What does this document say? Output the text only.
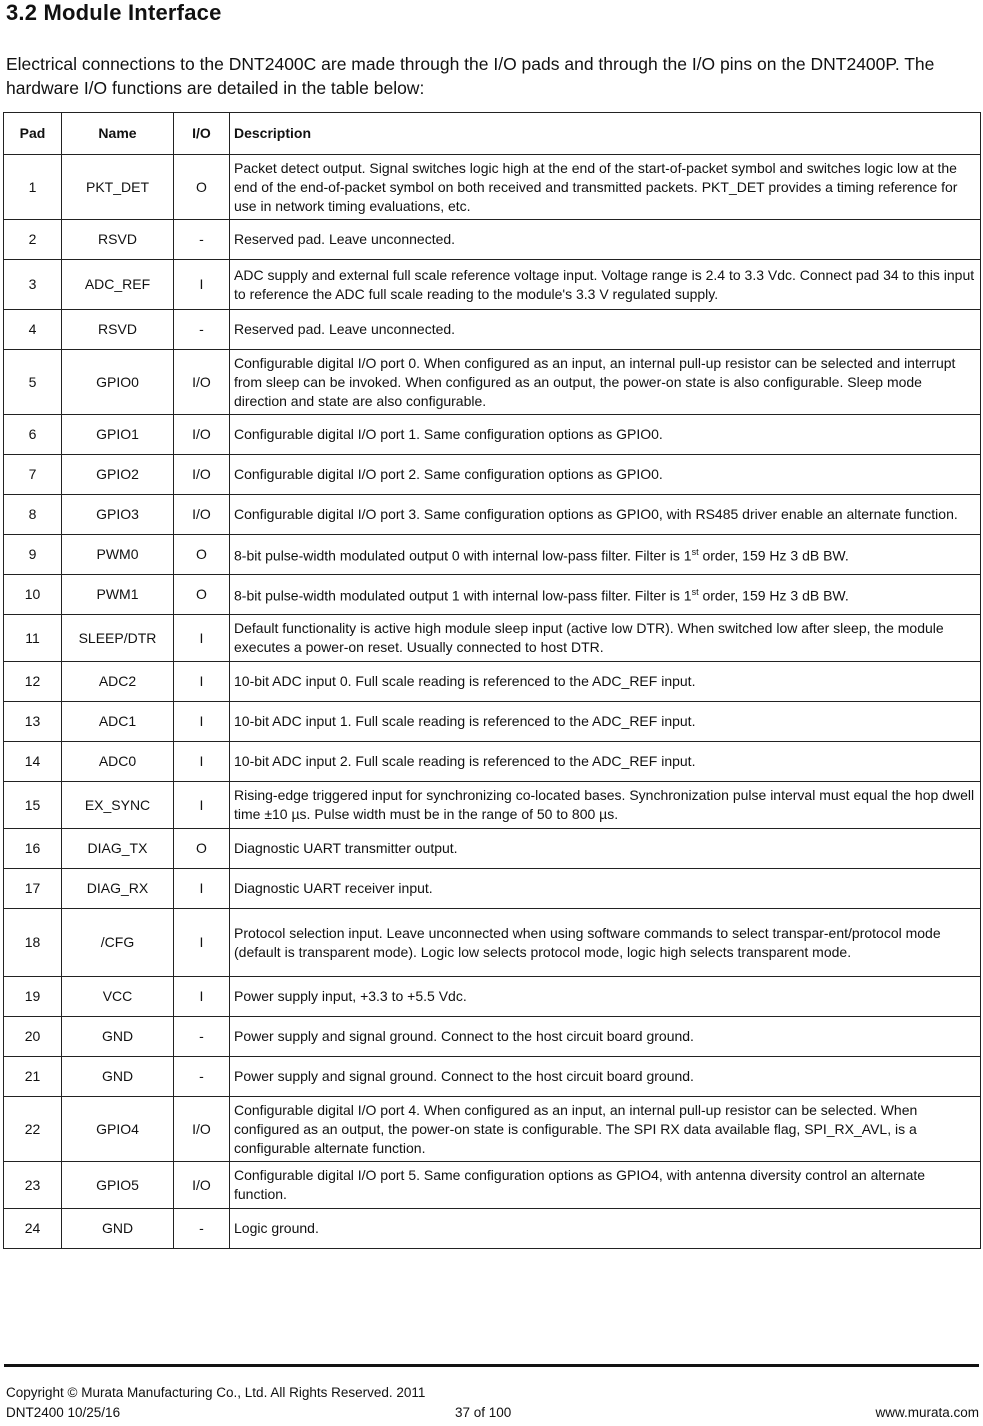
3.2 Module Interface
Electrical connections to the DNT2400C are made through the I/O pads and through the I/O pins on the DNT2400P. The hardware I/O functions are detailed in the table below:
Pad	Name	I/O	Description
1	PKT_DET	O	Packet detect output. Signal switches logic high at the end of the start-of-packet symbol and switches logic low at the end of the end-of-packet symbol on both received and transmitted packets. PKT_DET provides a timing reference for use in network timing evaluations, etc.
2	RSVD	-	Reserved pad. Leave unconnected.
3	ADC_REF	I	ADC supply and external full scale reference voltage input. Voltage range is 2.4 to 3.3 Vdc. Connect pad 34 to this input to reference the ADC full scale reading to the module's 3.3 V regulated supply.
4	RSVD	-	Reserved pad. Leave unconnected.
5	GPIO0	I/O	Configurable digital I/O port 0. When configured as an input, an internal pull-up resistor can be selected and interrupt from sleep can be invoked. When configured as an output, the power-on state is also configurable. Sleep mode direction and state are also configurable.
6	GPIO1	I/O	Configurable digital I/O port 1. Same configuration options as GPIO0.
7	GPIO2	I/O	Configurable digital I/O port 2. Same configuration options as GPIO0.
8	GPIO3	I/O	Configurable digital I/O port 3. Same configuration options as GPIO0, with RS485 driver enable an alternate function.
9	PWM0	O	8-bit pulse-width modulated output 0 with internal low-pass filter. Filter is 1st order, 159 Hz 3 dB BW.
10	PWM1	O	8-bit pulse-width modulated output 1 with internal low-pass filter. Filter is 1st order, 159 Hz 3 dB BW.
11	SLEEP/DTR	I	Default functionality is active high module sleep input (active low DTR). When switched low after sleep, the module executes a power-on reset. Usually connected to host DTR.
12	ADC2	I	10-bit ADC input 0. Full scale reading is referenced to the ADC_REF input.
13	ADC1	I	10-bit ADC input 1. Full scale reading is referenced to the ADC_REF input.
14	ADC0	I	10-bit ADC input 2. Full scale reading is referenced to the ADC_REF input.
15	EX_SYNC	I	Rising-edge triggered input for synchronizing co-located bases. Synchronization pulse interval must equal the hop dwell time ±10 µs. Pulse width must be in the range of 50 to 800 µs.
16	DIAG_TX	O	Diagnostic UART transmitter output.
17	DIAG_RX	I	Diagnostic UART receiver input.
18	/CFG	I	Protocol selection input. Leave unconnected when using software commands to select transpar-ent/protocol mode (default is transparent mode). Logic low selects protocol mode, logic high selects transparent mode.
19	VCC	I	Power supply input, +3.3 to +5.5 Vdc.
20	GND	-	Power supply and signal ground. Connect to the host circuit board ground.
21	GND	-	Power supply and signal ground. Connect to the host circuit board ground.
22	GPIO4	I/O	Configurable digital I/O port 4. When configured as an input, an internal pull-up resistor can be selected. When configured as an output, the power-on state is configurable. The SPI RX data available flag, SPI_RX_AVL, is a configurable alternate function.
23	GPIO5	I/O	Configurable digital I/O port 5. Same configuration options as GPIO4, with antenna diversity control an alternate function.
24	GND	-	Logic ground.
Copyright © Murata Manufacturing Co., Ltd. All Rights Reserved. 2011
DNT2400 10/25/16	37 of 100	www.murata.com
